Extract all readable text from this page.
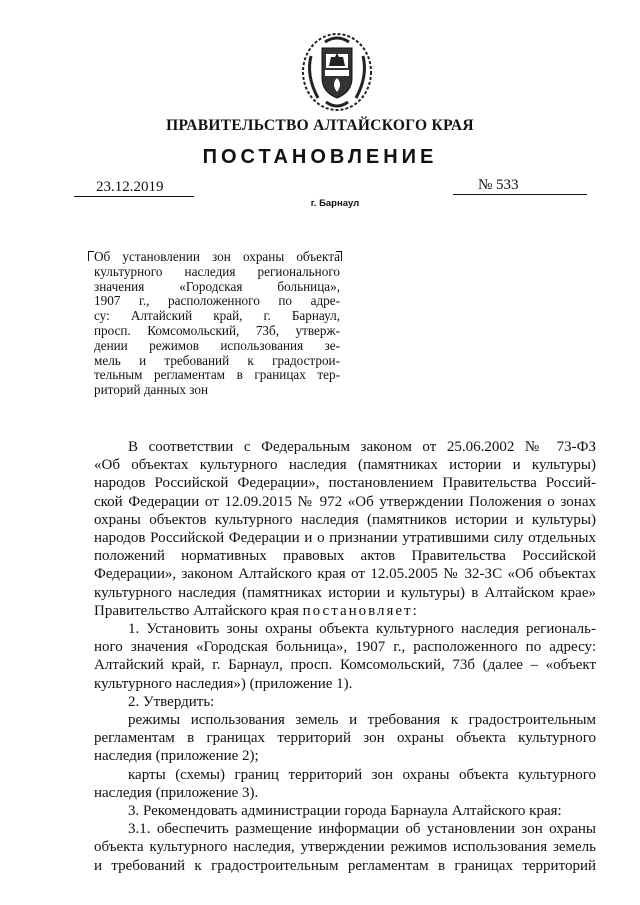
ПРАВИТЕЛЬСТВО АЛТАЙСКОГО КРАЯ
ПОСТАНОВЛЕНИЕ
23.12.2019	№ 533
г. Барнаул
Об установлении зон охраны объекта
культурного наследия регионального
значения «Городская больница»,
1907 г., расположенного по адре-
су: Алтайский край, г. Барнаул,
просп. Комсомольский, 73б, утверж-
дении режимов использования зе-
мель и требований к градострои-
тельным регламентам в границах тер-
риторий данных зон
В соответствии с Федеральным законом от 25.06.2002 № 73-ФЗ
«Об объектах культурного наследия (памятниках истории и культуры)
народов Российской Федерации», постановлением Правительства Россий-
ской Федерации от 12.09.2015 № 972 «Об утверждении Положения о зонах
охраны объектов культурного наследия (памятников истории и культуры)
народов Российской Федерации и о признании утратившими силу отдельных
положений нормативных правовых актов Правительства Российской
Федерации», законом Алтайского края от 12.05.2005 № 32-ЗС «Об объектах
культурного наследия (памятниках истории и культуры) в Алтайском крае»
Правительство Алтайского края постановляет:
1. Установить зоны охраны объекта культурного наследия региональ-
ного значения «Городская больница», 1907 г., расположенного по адресу:
Алтайский край, г. Барнаул, просп. Комсомольский, 73б (далее – «объект
культурного наследия») (приложение 1).
2. Утвердить:
режимы использования земель и требования к градостроительным
регламентам в границах территорий зон охраны объекта культурного
наследия (приложение 2);
карты (схемы) границ территорий зон охраны объекта культурного
наследия (приложение 3).
3. Рекомендовать администрации города Барнаула Алтайского края:
3.1. обеспечить размещение информации об установлении зон охраны
объекта культурного наследия, утверждении режимов использования земель
и требований к градостроительным регламентам в границах территорий
